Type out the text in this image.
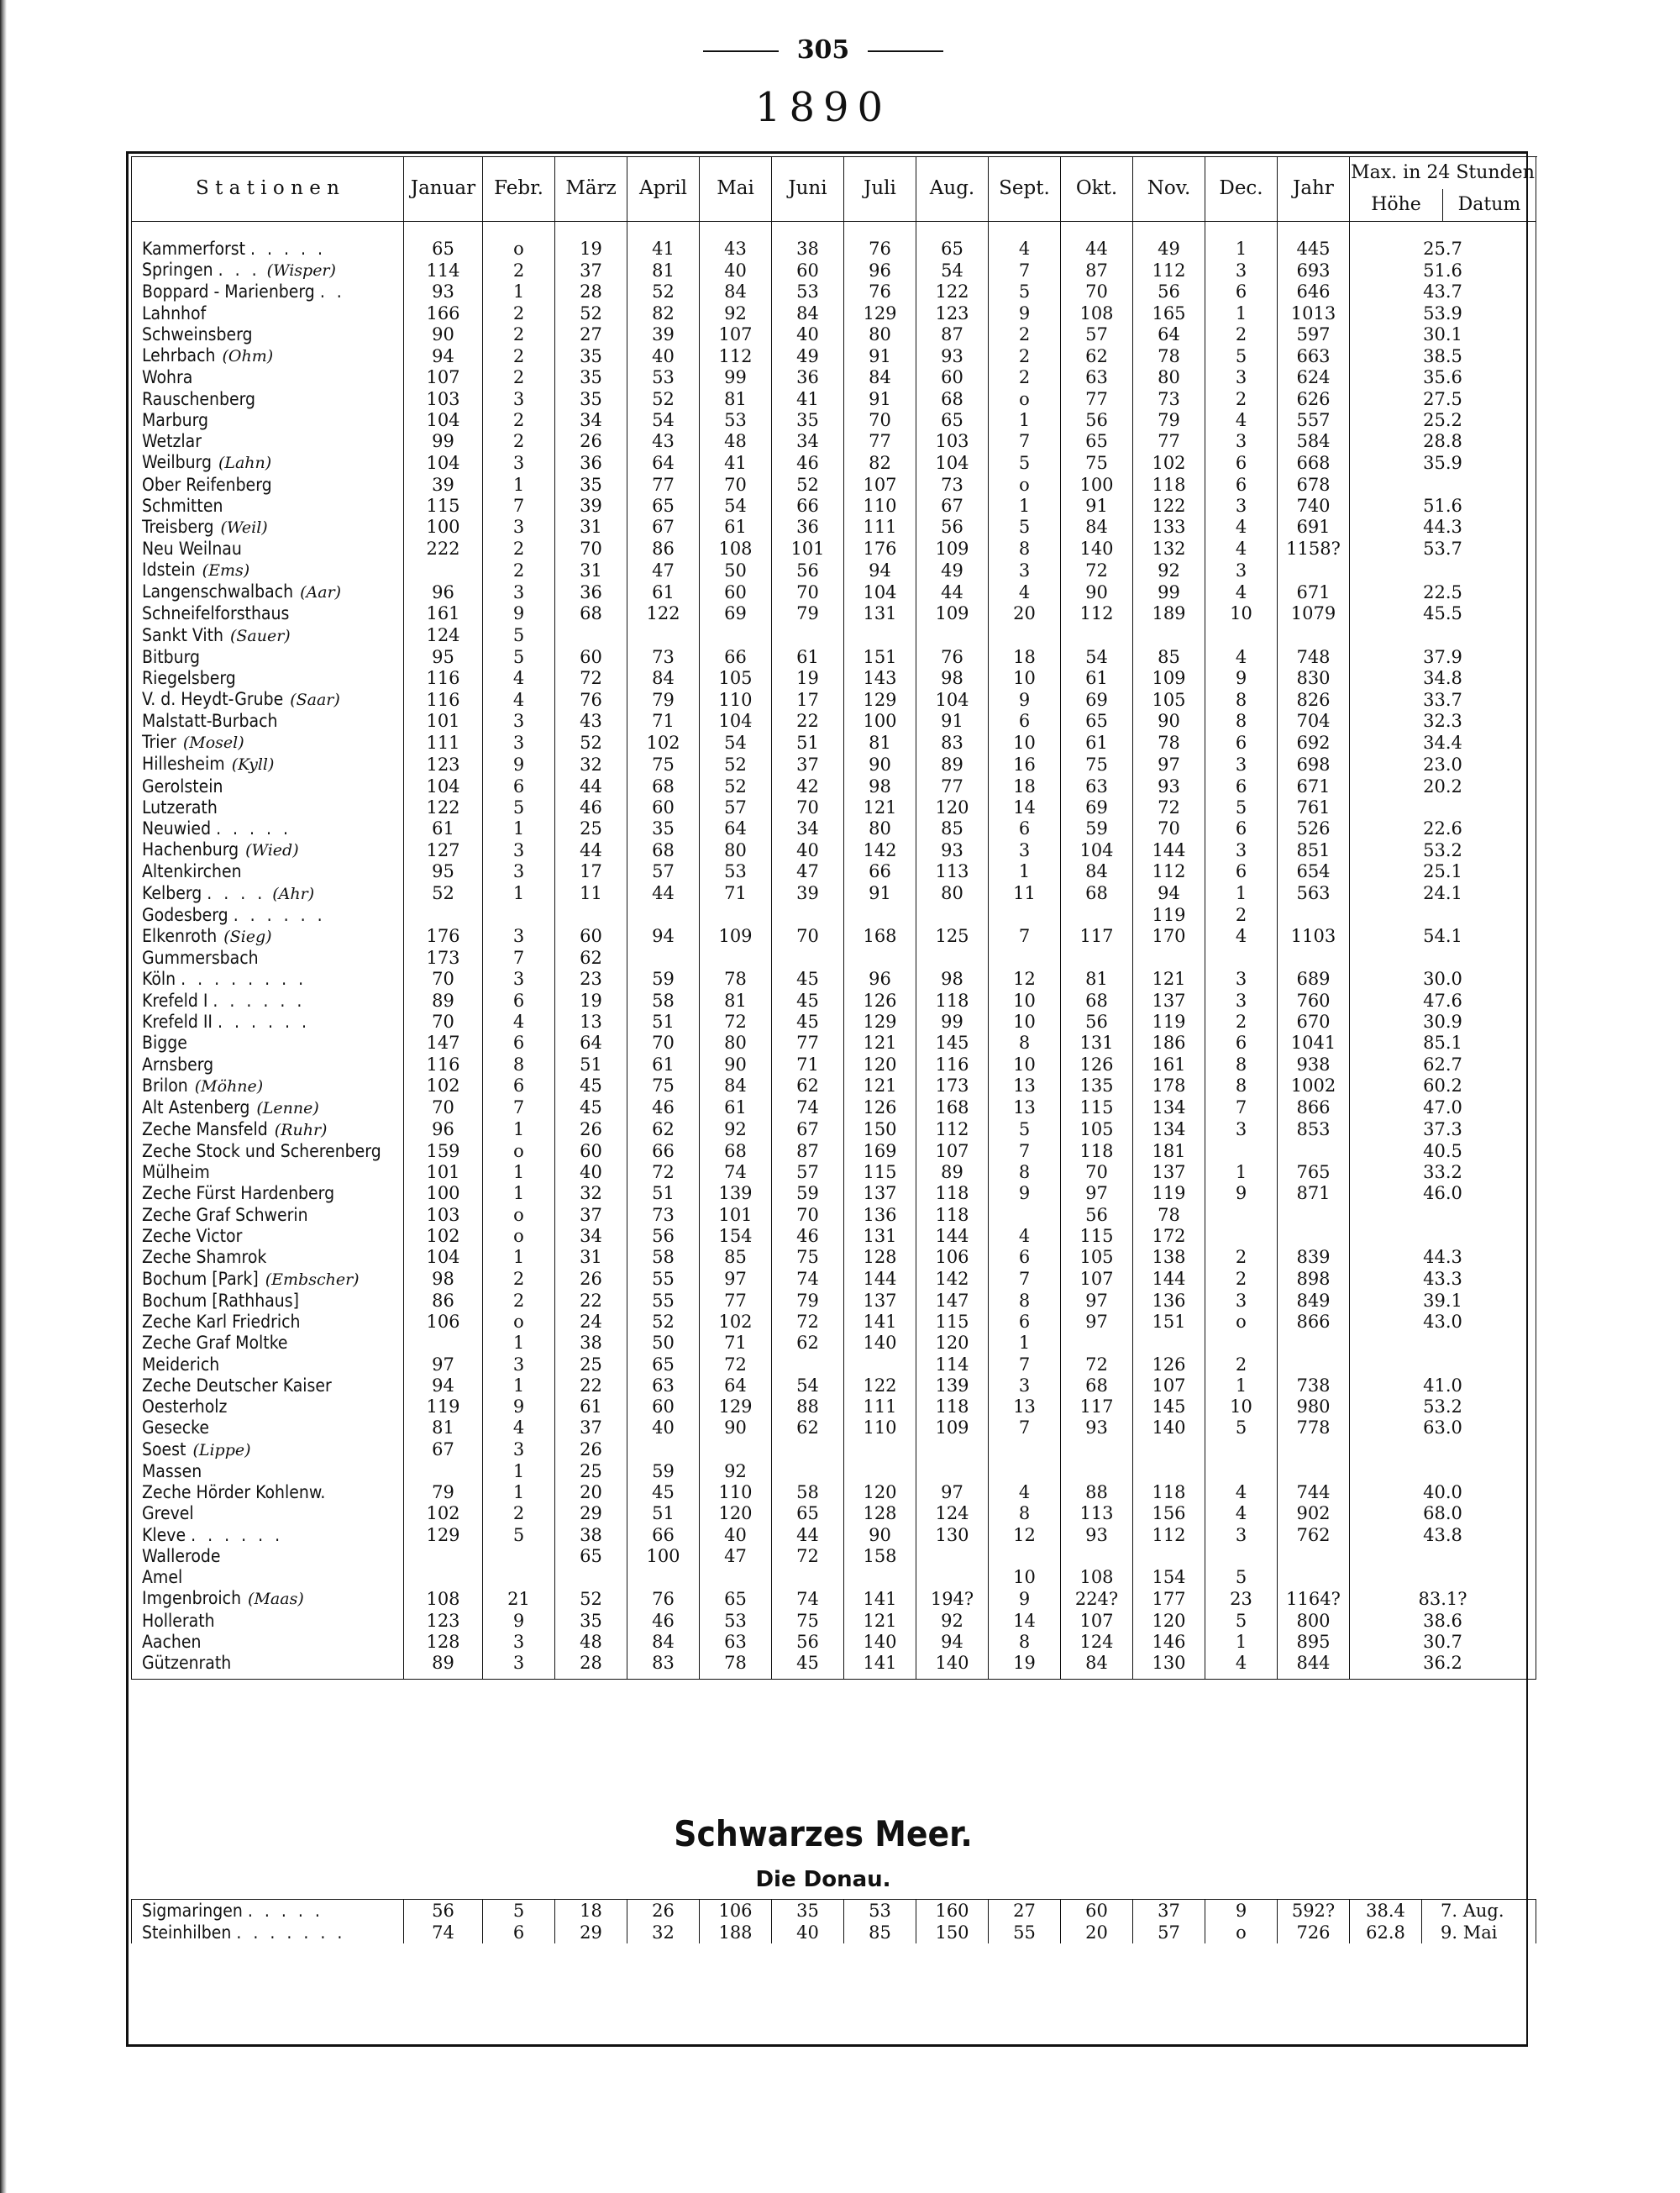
305
1890
S t a t i o n e n	Januar	Febr.	März	April	Mai	Juni	Juli	Aug.	Sept.	Okt.	Nov.	Dec.	Jahr	Max. in 24 Stunden
Höhe Datum	

Kammerforst . . . . .	65	o	19	41	43	38	76	65	4	44	49	1	445	25.7	
Springen . . . (Wisper)	114	2	37	81	40	60	96	54	7	87	112	3	693	51.6	
Boppard - Marienberg . .	93	1	28	52	84	53	76	122	5	70	56	6	646	43.7	
Lahnhof	166	2	52	82	92	84	129	123	9	108	165	1	1013	53.9	
Schweinsberg	90	2	27	39	107	40	80	87	2	57	64	2	597	30.1	
Lehrbach (Ohm)	94	2	35	40	112	49	91	93	2	62	78	5	663	38.5	
Wohra	107	2	35	53	99	36	84	60	2	63	80	3	624	35.6	
Rauschenberg	103	3	35	52	81	41	91	68	o	77	73	2	626	27.5	
Marburg	104	2	34	54	53	35	70	65	1	56	79	4	557	25.2	
Wetzlar	99	2	26	43	48	34	77	103	7	65	77	3	584	28.8	
Weilburg (Lahn)	104	3	36	64	41	46	82	104	5	75	102	6	668	35.9	
Ober Reifenberg	39	1	35	77	70	52	107	73	o	100	118	6	678		
Schmitten	115	7	39	65	54	66	110	67	1	91	122	3	740	51.6	
Treisberg (Weil)	100	3	31	67	61	36	111	56	5	84	133	4	691	44.3	
Neu Weilnau	222	2	70	86	108	101	176	109	8	140	132	4	1158?	53.7	
Idstein (Ems)		2	31	47	50	56	94	49	3	72	92	3			
Langenschwalbach (Aar)	96	3	36	61	60	70	104	44	4	90	99	4	671	22.5	
Schneifelforsthaus	161	9	68	122	69	79	131	109	20	112	189	10	1079	45.5	
Sankt Vith (Sauer)	124	5													
Bitburg	95	5	60	73	66	61	151	76	18	54	85	4	748	37.9	
Riegelsberg	116	4	72	84	105	19	143	98	10	61	109	9	830	34.8	
V. d. Heydt-Grube (Saar)	116	4	76	79	110	17	129	104	9	69	105	8	826	33.7	
Malstatt-Burbach	101	3	43	71	104	22	100	91	6	65	90	8	704	32.3	
Trier (Mosel)	111	3	52	102	54	51	81	83	10	61	78	6	692	34.4	
Hillesheim (Kyll)	123	9	32	75	52	37	90	89	16	75	97	3	698	23.0	
Gerolstein	104	6	44	68	52	42	98	77	18	63	93	6	671	20.2	
Lutzerath	122	5	46	60	57	70	121	120	14	69	72	5	761		
Neuwied . . . . .	61	1	25	35	64	34	80	85	6	59	70	6	526	22.6	
Hachenburg (Wied)	127	3	44	68	80	40	142	93	3	104	144	3	851	53.2	
Altenkirchen	95	3	17	57	53	47	66	113	1	84	112	6	654	25.1	
Kelberg . . . . (Ahr)	52	1	11	44	71	39	91	80	11	68	94	1	563	24.1	
Godesberg . . . . . .											119	2			
Elkenroth (Sieg)	176	3	60	94	109	70	168	125	7	117	170	4	1103	54.1	
Gummersbach	173	7	62												
Köln . . . . . . . .	70	3	23	59	78	45	96	98	12	81	121	3	689	30.0	
Krefeld I . . . . . .	89	6	19	58	81	45	126	118	10	68	137	3	760	47.6	
Krefeld II . . . . . .	70	4	13	51	72	45	129	99	10	56	119	2	670	30.9	
Bigge	147	6	64	70	80	77	121	145	8	131	186	6	1041	85.1	
Arnsberg	116	8	51	61	90	71	120	116	10	126	161	8	938	62.7	
Brilon (Möhne)	102	6	45	75	84	62	121	173	13	135	178	8	1002	60.2	
Alt Astenberg (Lenne)	70	7	45	46	61	74	126	168	13	115	134	7	866	47.0	
Zeche Mansfeld (Ruhr)	96	1	26	62	92	67	150	112	5	105	134	3	853	37.3	
Zeche Stock und Scherenberg	159	o	60	66	68	87	169	107	7	118	181			40.5	
Mülheim	101	1	40	72	74	57	115	89	8	70	137	1	765	33.2	
Zeche Fürst Hardenberg	100	1	32	51	139	59	137	118	9	97	119	9	871	46.0	
Zeche Graf Schwerin	103	o	37	73	101	70	136	118		56	78				
Zeche Victor	102	o	34	56	154	46	131	144	4	115	172				
Zeche Shamrok	104	1	31	58	85	75	128	106	6	105	138	2	839	44.3	
Bochum [Park] (Embscher)	98	2	26	55	97	74	144	142	7	107	144	2	898	43.3	
Bochum [Rathhaus]	86	2	22	55	77	79	137	147	8	97	136	3	849	39.1	
Zeche Karl Friedrich	106	o	24	52	102	72	141	115	6	97	151	o	866	43.0	
Zeche Graf Moltke		1	38	50	71	62	140	120	1						
Meiderich	97	3	25	65	72			114	7	72	126	2			
Zeche Deutscher Kaiser	94	1	22	63	64	54	122	139	3	68	107	1	738	41.0	
Oesterholz	119	9	61	60	129	88	111	118	13	117	145	10	980	53.2	
Gesecke	81	4	37	40	90	62	110	109	7	93	140	5	778	63.0	
Soest (Lippe)	67	3	26												
Massen		1	25	59	92										
Zeche Hörder Kohlenw.	79	1	20	45	110	58	120	97	4	88	118	4	744	40.0	
Grevel	102	2	29	51	120	65	128	124	8	113	156	4	902	68.0	
Kleve . . . . . .	129	5	38	66	40	44	90	130	12	93	112	3	762	43.8	
Wallerode			65	100	47	72	158								
Amel									10	108	154	5			
Imgenbroich (Maas)	108	21	52	76	65	74	141	194?	9	224?	177	23	1164?	83.1?	
Hollerath	123	9	35	46	53	75	121	92	14	107	120	5	800	38.6	
Aachen	128	3	48	84	63	56	140	94	8	124	146	1	895	30.7	
Gützenrath	89	3	28	83	78	45	141	140	19	84	130	4	844	36.2	

Schwarzes Meer.
Die Donau.
Sigmaringen . . . . .	56	5	18	26	106	35	53	160	27	60	37	9	592?	38.4	7. Aug.
Steinhilben . . . . . . .	74	6	29	32	188	40	85	150	55	20	57	o	726	62.8	9. Mai
